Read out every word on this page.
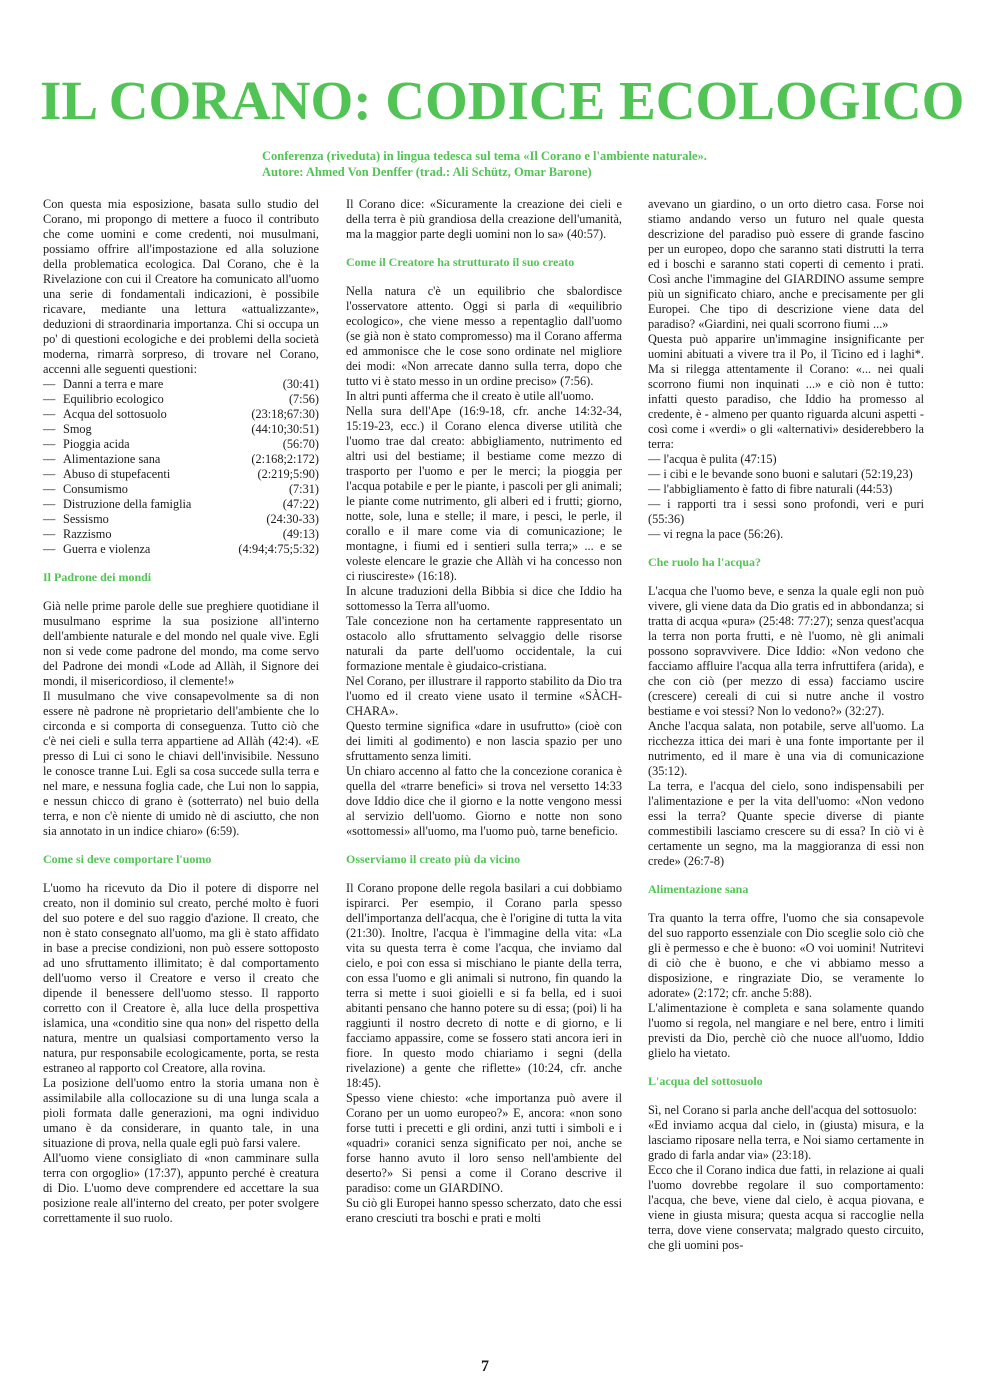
IL CORANO: CODICE ECOLOGICO

Conferenza (riveduta) in lingua tedesca sul tema «Il Corano e l'ambiente naturale». Autore: Ahmed Von Denffer (trad.: Ali Schütz, Omar Barone)

Con questa mia esposizione, basata sullo studio del Corano, mi propongo di mettere a fuoco il contributo che come uomini e come credenti, noi musulmani, possiamo offrire all'impostazione ed alla soluzione della problematica ecologica. Dal Corano, che è la Rivelazione con cui il Creatore ha comunicato all'uomo una serie di fondamentali indicazioni, è possibile ricavare, mediante una lettura «attualizzante», deduzioni di straordinaria importanza. Chi si occupa un po' di questioni ecologiche e dei problemi della società moderna, rimarrà sorpreso, di trovare nel Corano, accenni alle seguenti questioni:

— Danni a terra e mare	(30:41)
— Equilibrio ecologico	(7:56)
— Acqua del sottosuolo	(23:18;67:30)
— Smog	(44:10;30:51)
— Pioggia acida	(56:70)
— Alimentazione sana	(2:168;2:172)
— Abuso di stupefacenti	(2:219;5:90)
— Consumismo	(7:31)
— Distruzione della famiglia	(47:22)
— Sessismo	(24:30-33)
— Razzismo	(49:13)
— Guerra e violenza	(4:94;4:75;5:32)
Il Padrone dei mondi

Già nelle prime parole delle sue preghiere quotidiane il musulmano esprime la sua posizione all'interno dell'ambiente naturale e del mondo nel quale vive. Egli non si vede come padrone del mondo, ma come servo del Padrone dei mondi «Lode ad Allàh, il Signore dei mondi, il misericordioso, il clemente!»

Il musulmano che vive consapevolmente sa di non essere nè padrone nè proprietario dell'ambiente che lo circonda e si comporta di conseguenza. Tutto ciò che c'è nei cieli e sulla terra appartiene ad Allàh (42:4). «E presso di Lui ci sono le chiavi dell'invisibile. Nessuno le conosce tranne Lui. Egli sa cosa succede sulla terra e nel mare, e nessuna foglia cade, che Lui non lo sappia, e nessun chicco di grano è (sotterrato) nel buio della terra, e non c'è niente di umido nè di asciutto, che non sia annotato in un indice chiaro» (6:59).

Come si deve comportare l'uomo

L'uomo ha ricevuto da Dio il potere di disporre nel creato, non il dominio sul creato, perché molto è fuori del suo potere e del suo raggio d'azione. Il creato, che non è stato consegnato all'uomo, ma gli è stato affidato in base a precise condizioni, non può essere sottoposto ad uno sfruttamento illimitato; è dal comportamento dell'uomo verso il Creatore e verso il creato che dipende il benessere dell'uomo stesso. Il rapporto corretto con il Creatore è, alla luce della prospettiva islamica, una «conditio sine qua non» del rispetto della natura, mentre un qualsiasi comportamento verso la natura, pur responsabile ecologicamente, porta, se resta estraneo al rapporto col Creatore, alla rovina.

La posizione dell'uomo entro la storia umana non è assimilabile alla collocazione su di una lunga scala a pioli formata dalle generazioni, ma ogni individuo umano è da considerare, in quanto tale, in una situazione di prova, nella quale egli può farsi valere.

All'uomo viene consigliato di «non camminare sulla terra con orgoglio» (17:37), appunto perché è creatura di Dio. L'uomo deve comprendere ed accettare la sua posizione reale all'interno del creato, per poter svolgere correttamente il suo ruolo.

Il Corano dice: «Sicuramente la creazione dei cieli e della terra è più grandiosa della creazione dell'umanità, ma la maggior parte degli uomini non lo sa» (40:57).

Come il Creatore ha strutturato il suo creato

Nella natura c'è un equilibrio che sbalordisce l'osservatore attento. Oggi si parla di «equilibrio ecologico», che viene messo a repentaglio dall'uomo (se già non è stato compromesso) ma il Corano afferma ed ammonisce che le cose sono ordinate nel migliore dei modi: «Non arrecate danno sulla terra, dopo che tutto vi è stato messo in un ordine preciso» (7:56).

In altri punti afferma che il creato è utile all'uomo.

Nella sura dell'Ape (16:9-18, cfr. anche 14:32-34, 15:19-23, ecc.) il Corano elenca diverse utilità che l'uomo trae dal creato: abbigliamento, nutrimento ed altri usi del bestiame; il bestiame come mezzo di trasporto per l'uomo e per le merci; la pioggia per l'acqua potabile e per le piante, i pascoli per gli animali; le piante come nutrimento, gli alberi ed i frutti; giorno, notte, sole, luna e stelle; il mare, i pesci, le perle, il corallo e il mare come via di comunicazione; le montagne, i fiumi ed i sentieri sulla terra;» ... e se voleste elencare le grazie che Allàh vi ha concesso non ci riuscireste» (16:18).

In alcune traduzioni della Bibbia si dice che Iddio ha sottomesso la Terra all'uomo.

Tale concezione non ha certamente rappresentato un ostacolo allo sfruttamento selvaggio delle risorse naturali da parte dell'uomo occidentale, la cui formazione mentale è giudaico-cristiana.

Nel Corano, per illustrare il rapporto stabilito da Dio tra l'uomo ed il creato viene usato il termine «SÀCH-CHARA».

Questo termine significa «dare in usufrutto» (cioè con dei limiti al godimento) e non lascia spazio per uno sfruttamento senza limiti.

Un chiaro accenno al fatto che la concezione coranica è quella del «trarre benefici» si trova nel versetto 14:33 dove Iddio dice che il giorno e la notte vengono messi al servizio dell'uomo. Giorno e notte non sono «sottomessi» all'uomo, ma l'uomo può, tarne beneficio.

Osserviamo il creato più da vicino

Il Corano propone delle regola basilari a cui dobbiamo ispirarci. Per esempio, il Corano parla spesso dell'importanza dell'acqua, che è l'origine di tutta la vita (21:30). Inoltre, l'acqua è l'immagine della vita: «La vita su questa terra è come l'acqua, che inviamo dal cielo, e poi con essa si mischiano le piante della terra, con essa l'uomo e gli animali si nutrono, fin quando la terra si mette i suoi gioielli e si fa bella, ed i suoi abitanti pensano che hanno potere su di essa; (poi) li ha raggiunti il nostro decreto di notte e di giorno, e li facciamo appassire, come se fossero stati ancora ieri in fiore. In questo modo chiariamo i segni (della rivelazione) a gente che riflette» (10:24, cfr. anche 18:45).

Spesso viene chiesto: «che importanza può avere il Corano per un uomo europeo?» E, ancora: «non sono forse tutti i precetti e gli ordini, anzi tutti i simboli e i «quadri» coranici senza significato per noi, anche se forse hanno avuto il loro senso nell'ambiente del deserto?» Si pensi a come il Corano descrive il paradiso: come un GIARDINO.

Su ciò gli Europei hanno spesso scherzato, dato che essi erano cresciuti tra boschi e prati e molti

avevano un giardino, o un orto dietro casa. Forse noi stiamo andando verso un futuro nel quale questa descrizione del paradiso può essere di grande fascino per un europeo, dopo che saranno stati distrutti la terra ed i boschi e saranno stati coperti di cemento i prati. Così anche l'immagine del GIARDINO assume sempre più un significato chiaro, anche e precisamente per gli Europei. Che tipo di descrizione viene data del paradiso? «Giardini, nei quali scorrono fiumi ...»

Questa può apparire un'immagine insignificante per uomini abituati a vivere tra il Po, il Ticino ed i laghi*. Ma si rilegga attentamente il Corano: «... nei quali scorrono fiumi non inquinati ...» e ciò non è tutto: infatti questo paradiso, che Iddio ha promesso al credente, è - almeno per quanto riguarda alcuni aspetti - così come i «verdi» o gli «alternativi» desiderebbero la terra:

— l'acqua è pulita (47:15)

— i cibi e le bevande sono buoni e salutari (52:19,23)

— l'abbigliamento è fatto di fibre naturali (44:53)

— i rapporti tra i sessi sono profondi, veri e puri (55:36)

— vi regna la pace (56:26).

Che ruolo ha l'acqua?

L'acqua che l'uomo beve, e senza la quale egli non può vivere, gli viene data da Dio gratis ed in abbondanza; si tratta di acqua «pura» (25:48: 77:27); senza quest'acqua la terra non porta frutti, e nè l'uomo, nè gli animali possono sopravvivere. Dice Iddio: «Non vedono che facciamo affluire l'acqua alla terra infruttifera (arida), e che con ciò (per mezzo di essa) facciamo uscire (crescere) cereali di cui si nutre anche il vostro bestiame e voi stessi? Non lo vedono?» (32:27).

Anche l'acqua salata, non potabile, serve all'uomo. La ricchezza ittica dei mari è una fonte importante per il nutrimento, ed il mare è una via di comunicazione (35:12).

La terra, e l'acqua del cielo, sono indispensabili per l'alimentazione e per la vita dell'uomo: «Non vedono essi la terra? Quante specie diverse di piante commestibili lasciamo crescere su di essa? In ciò vi è certamente un segno, ma la maggioranza di essi non crede» (26:7-8)

Alimentazione sana

Tra quanto la terra offre, l'uomo che sia consapevole del suo rapporto essenziale con Dio sceglie solo ciò che gli è permesso e che è buono: «O voi uomini! Nutritevi di ciò che è buono, e che vi abbiamo messo a disposizione, e ringraziate Dio, se veramente lo adorate» (2:172; cfr. anche 5:88).

L'alimentazione è completa e sana solamente quando l'uomo si regola, nel mangiare e nel bere, entro i limiti previsti da Dio, perchè ciò che nuoce all'uomo, Iddio glielo ha vietato.

L'acqua del sottosuolo

Sì, nel Corano si parla anche dell'acqua del sottosuolo:

«Ed inviamo acqua dal cielo, in (giusta) misura, e la lasciamo riposare nella terra, e Noi siamo certamente in grado di farla andar via» (23:18).

Ecco che il Corano indica due fatti, in relazione ai quali l'uomo dovrebbe regolare il suo comportamento: l'acqua, che beve, viene dal cielo, è acqua piovana, e viene in giusta misura; questa acqua si raccoglie nella terra, dove viene conservata; malgrado questo circuito, che gli uomini pos-

7
